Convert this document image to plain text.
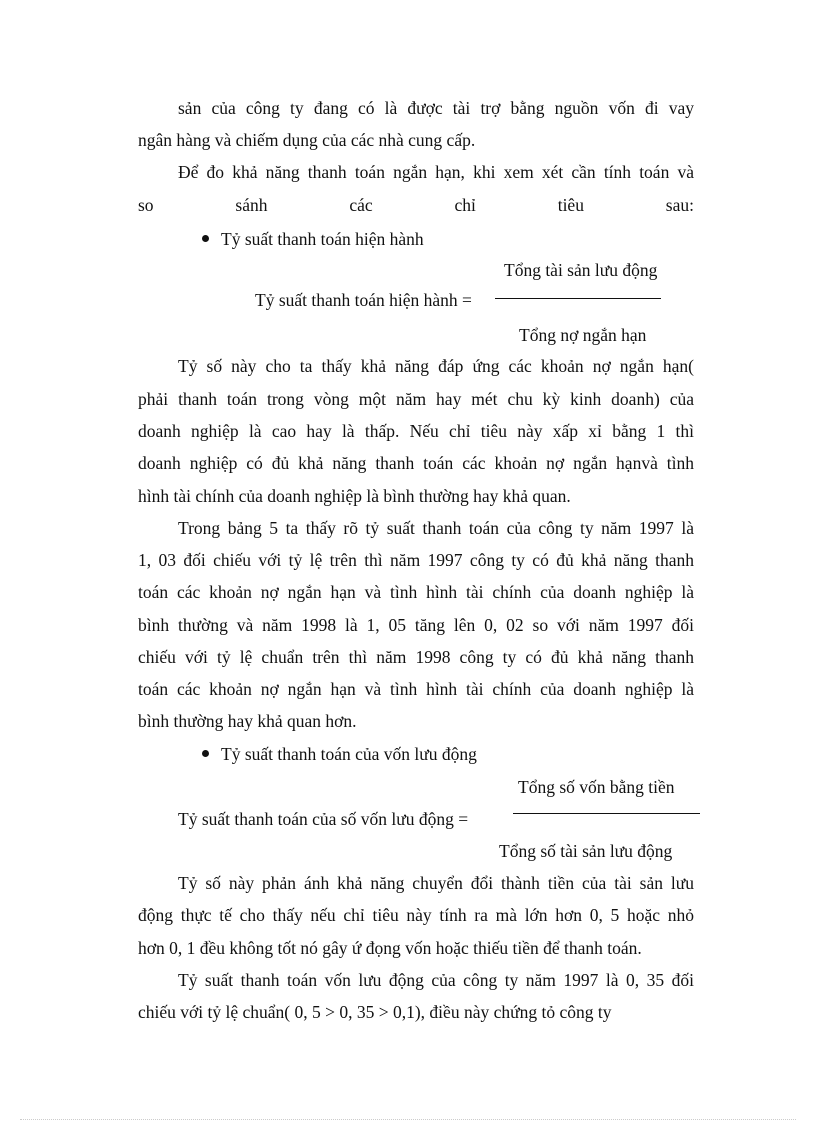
sản của công ty đang có là được tài trợ bằng nguồn vốn đi vay
ngân hàng và chiếm dụng của các nhà cung cấp.
Để đo khả năng thanh toán ngắn hạn, khi xem xét cần tính toán và
so sánh các chỉ tiêu sau:
Tỷ suất thanh toán hiện hành
Tổng tài sản lưu động
Tỷ suất thanh toán hiện hành =
Tổng nợ ngắn hạn
Tỷ số này cho ta thấy khả năng đáp ứng các khoản nợ ngắn hạn(
phải thanh toán trong vòng một năm hay mét chu kỳ kinh doanh) của
doanh nghiệp là cao hay là thấp. Nếu chỉ tiêu này xấp xỉ bằng 1 thì
doanh nghiệp có đủ khả năng thanh toán các khoản nợ ngắn hạnvà tình
hình tài chính của doanh nghiệp là bình thường hay khả quan.
Trong bảng 5 ta thấy rõ tỷ suất thanh toán của công ty năm 1997 là
1, 03 đối chiếu với tỷ lệ trên thì năm 1997 công ty có đủ khả năng thanh
toán các khoản nợ ngắn hạn và tình hình tài chính của doanh nghiệp là
bình thường và năm 1998 là 1, 05 tăng lên 0, 02 so với năm 1997 đối
chiếu với tỷ lệ chuẩn trên thì năm 1998 công ty có đủ khả năng thanh
toán các khoản nợ ngắn hạn và tình hình tài chính của doanh nghiệp là
bình thường hay khả quan hơn.
Tỷ suất thanh toán của vốn lưu động
Tổng số vốn bằng tiền
Tỷ suất thanh toán của số vốn lưu động =
Tổng số tài sản lưu động
Tỷ số này phản ánh khả năng chuyển đổi thành tiền của tài sản lưu
động thực tế cho thấy nếu chỉ tiêu này tính ra mà lớn hơn 0, 5 hoặc nhỏ
hơn 0, 1 đều không tốt nó gây ứ đọng vốn hoặc thiếu tiền để thanh toán.
Tỷ suất thanh toán vốn lưu động của công ty năm 1997 là 0, 35 đối
chiếu với tỷ lệ chuẩn( 0, 5 > 0, 35 > 0,1), điều này chứng tỏ công ty
